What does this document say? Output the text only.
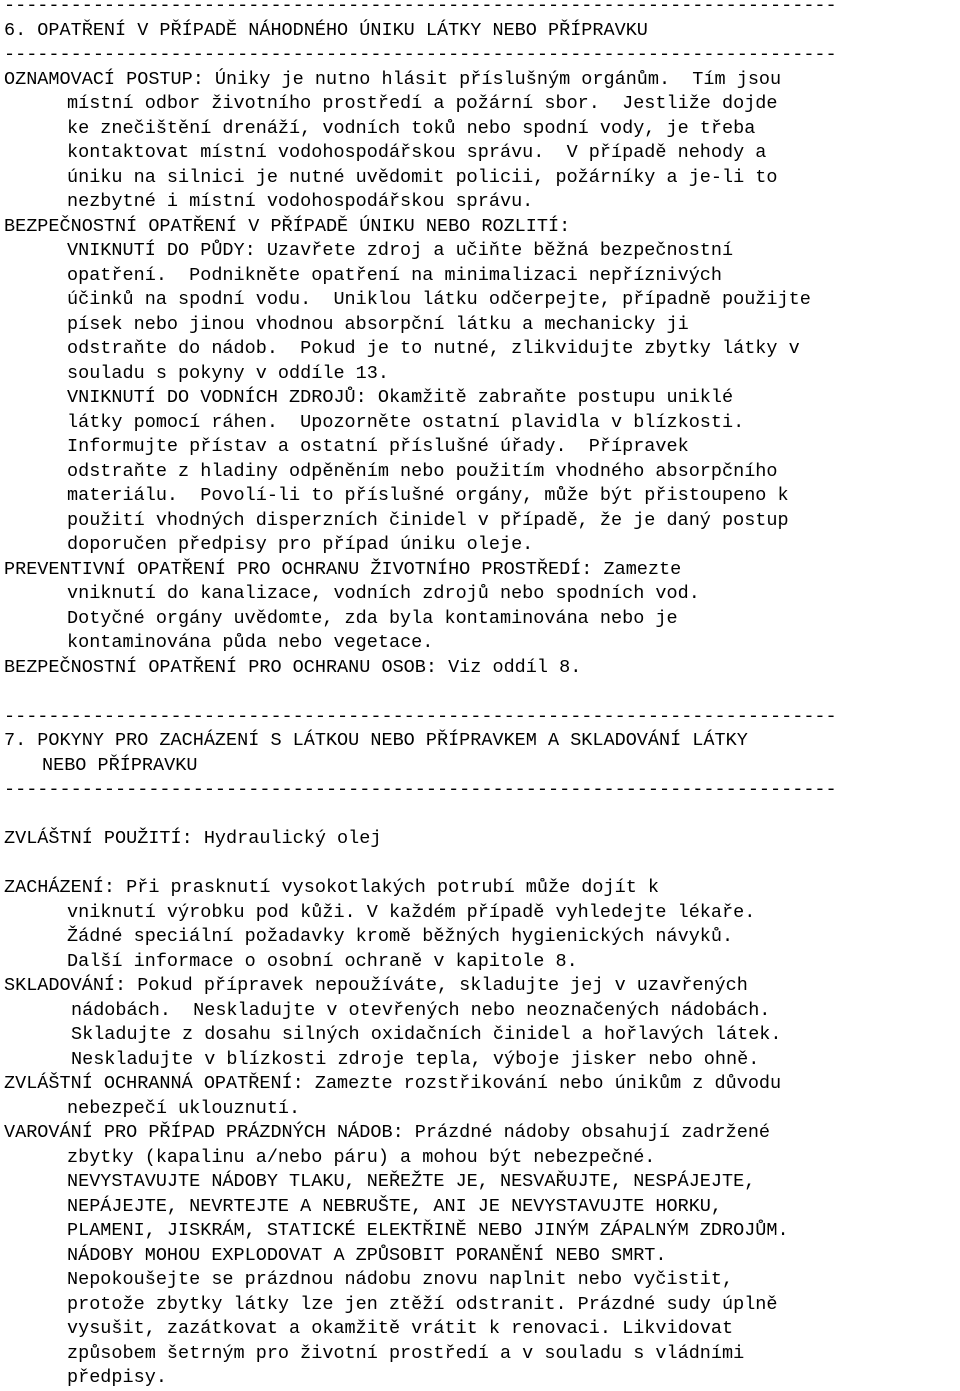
---------------------------------------------------------------------------
6. OPATŘENÍ V PŘÍPADĚ NÁHODNÉHO ÚNIKU LÁTKY NEBO PŘÍPRAVKU
---------------------------------------------------------------------------
OZNAMOVACÍ POSTUP: Úniky je nutno hlásit příslušným orgánům.  Tím jsou
místní odbor životního prostředí a požární sbor.  Jestliže dojde
ke znečištění drenáží, vodních toků nebo spodní vody, je třeba
kontaktovat místní vodohospodářskou správu.  V případě nehody a
úniku na silnici je nutné uvědomit policii, požárníky a je-li to
nezbytné i místní vodohospodářskou správu.
BEZPEČNOSTNÍ OPATŘENÍ V PŘÍPADĚ ÚNIKU NEBO ROZLITÍ:
VNIKNUTÍ DO PŮDY: Uzavřete zdroj a učiňte běžná bezpečnostní
opatření.  Podnikněte opatření na minimalizaci nepříznivých
účinků na spodní vodu.  Uniklou látku odčerpejte, případně použijte
písek nebo jinou vhodnou absorpční látku a mechanicky ji
odstraňte do nádob.  Pokud je to nutné, zlikvidujte zbytky látky v
souladu s pokyny v oddíle 13.
VNIKNUTÍ DO VODNÍCH ZDROJŮ: Okamžitě zabraňte postupu uniklé
látky pomocí ráhen.  Upozorněte ostatní plavidla v blízkosti.
Informujte přístav a ostatní příslušné úřady.  Přípravek
odstraňte z hladiny odpěněním nebo použitím vhodného absorpčního
materiálu.  Povolí-li to příslušné orgány, může být přistoupeno k
použití vhodných disperzních činidel v případě, že je daný postup
doporučen předpisy pro případ úniku oleje.
PREVENTIVNÍ OPATŘENÍ PRO OCHRANU ŽIVOTNÍHO PROSTŘEDÍ: Zamezte
vniknutí do kanalizace, vodních zdrojů nebo spodních vod.
Dotyčné orgány uvědomte, zda byla kontaminována nebo je
kontaminována půda nebo vegetace.
BEZPEČNOSTNÍ OPATŘENÍ PRO OCHRANU OSOB: Viz oddíl 8.
---------------------------------------------------------------------------
7. POKYNY PRO ZACHÁZENÍ S LÁTKOU NEBO PŘÍPRAVKEM A SKLADOVÁNÍ LÁTKY
NEBO PŘÍPRAVKU
---------------------------------------------------------------------------
ZVLÁŠTNÍ POUŽITÍ: Hydraulický olej
ZACHÁZENÍ: Při prasknutí vysokotlakých potrubí může dojít k
vniknutí výrobku pod kůži. V každém případě vyhledejte lékaře.
Žádné speciální požadavky kromě běžných hygienických návyků.
Další informace o osobní ochraně v kapitole 8.
SKLADOVÁNÍ: Pokud přípravek nepoužíváte, skladujte jej v uzavřených
nádobách.  Neskladujte v otevřených nebo neoznačených nádobách.
Skladujte z dosahu silných oxidačních činidel a hořlavých látek.
Neskladujte v blízkosti zdroje tepla, výboje jisker nebo ohně.
ZVLÁŠTNÍ OCHRANNÁ OPATŘENÍ: Zamezte rozstřikování nebo únikům z důvodu
nebezpečí uklouznutí.
VAROVÁNÍ PRO PŘÍPAD PRÁZDNÝCH NÁDOB: Prázdné nádoby obsahují zadržené
zbytky (kapalinu a/nebo páru) a mohou být nebezpečné.
NEVYSTAVUJTE NÁDOBY TLAKU, NEŘEŽTE JE, NESVAŘUJTE, NESPÁJEJTE,
NEPÁJEJTE, NEVRTEJTE A NEBRUŠTE, ANI JE NEVYSTAVUJTE HORKU,
PLAMENI, JISKRÁM, STATICKÉ ELEKTŘINĚ NEBO JINÝM ZÁPALNÝM ZDROJŮM.
NÁDOBY MOHOU EXPLODOVAT A ZPŮSOBIT PORANĚNÍ NEBO SMRT.
Nepokoušejte se prázdnou nádobu znovu naplnit nebo vyčistit,
protože zbytky látky lze jen ztěží odstranit. Prázdné sudy úplně
vysušit, zazátkovat a okamžitě vrátit k renovaci. Likvidovat
způsobem šetrným pro životní prostředí a v souladu s vládními
předpisy.
